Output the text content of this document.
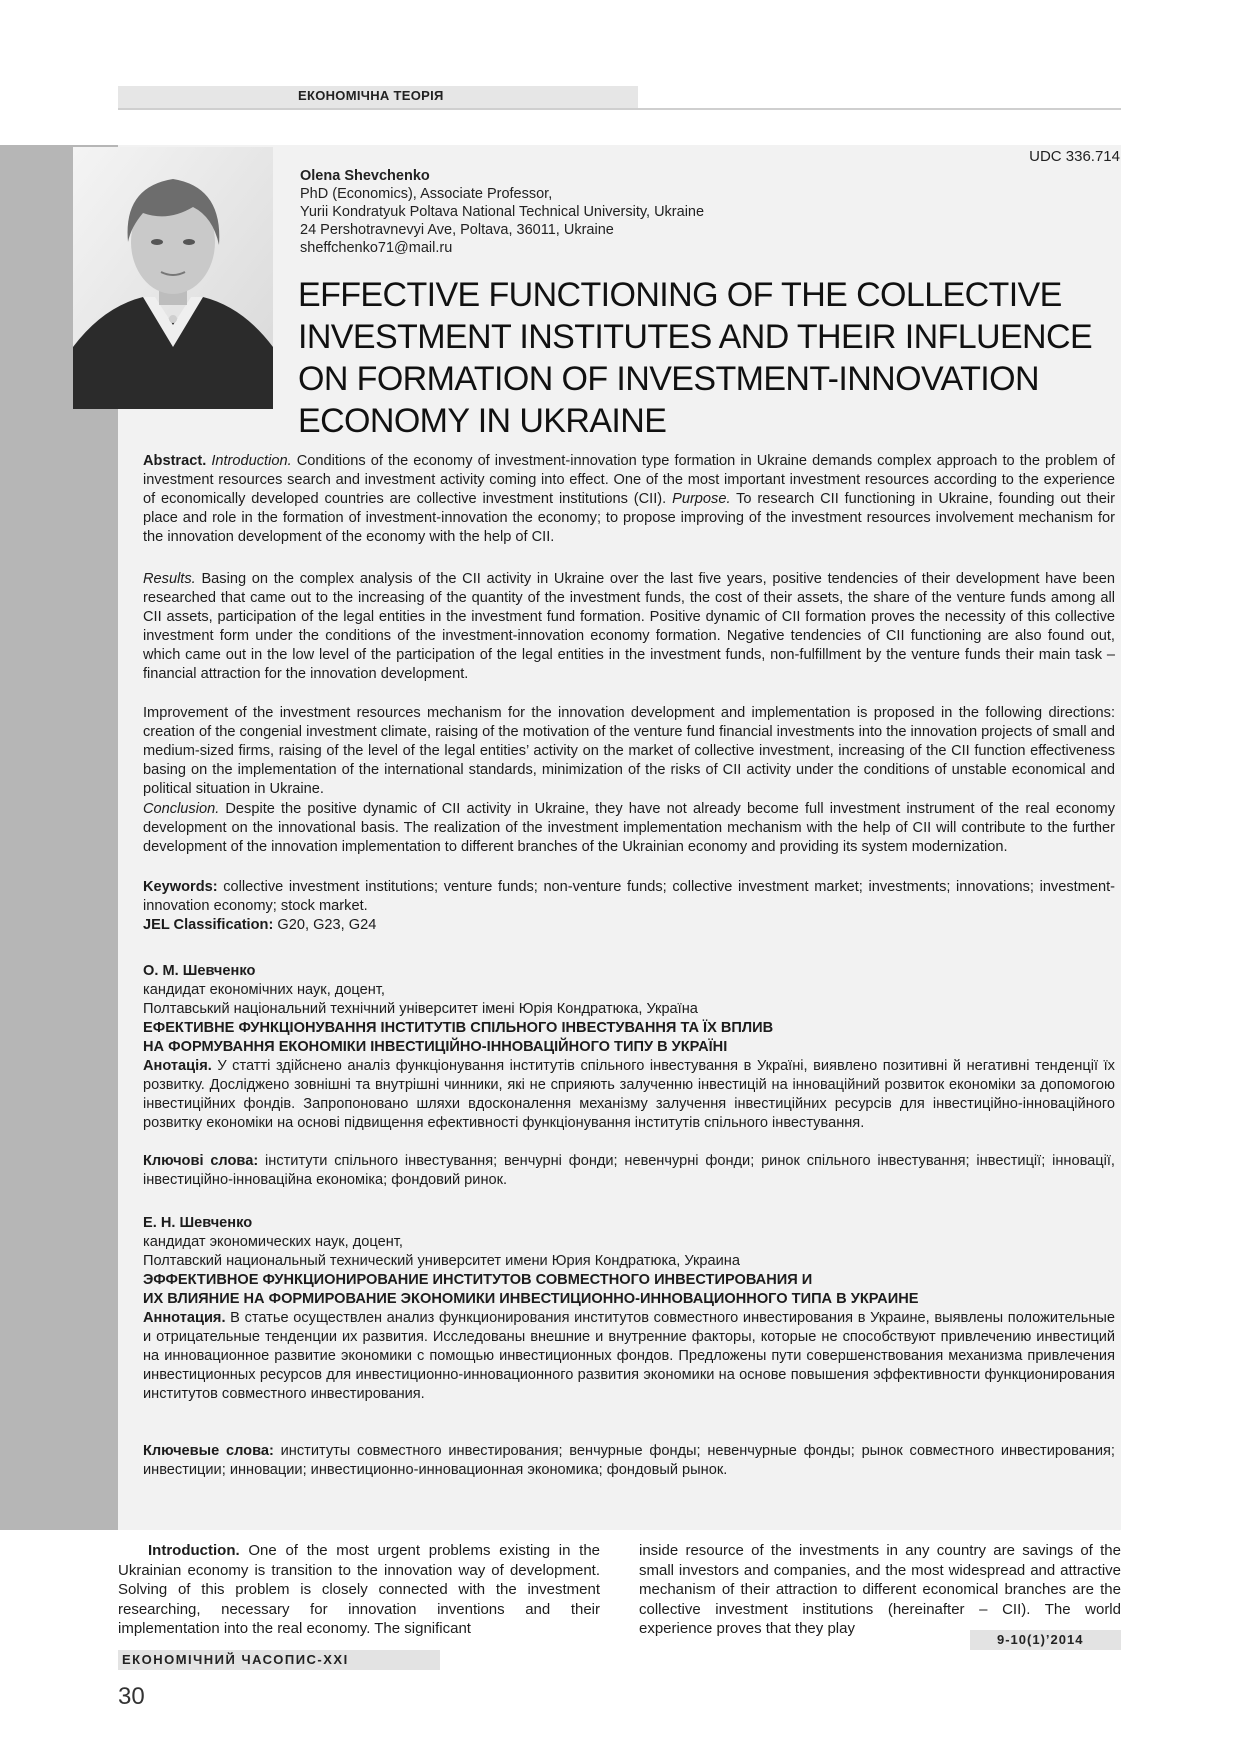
ЕКОНОМІЧНА ТЕОРІЯ
UDC 336.714
Olena Shevchenko
PhD (Economics), Associate Professor,
Yurii Kondratyuk Poltava National Technical University, Ukraine
24 Pershotravnevyi Ave, Poltava, 36011, Ukraine
sheffchenko71@mail.ru
EFFECTIVE FUNCTIONING OF THE COLLECTIVE
INVESTMENT INSTITUTES AND THEIR INFLUENCE
ON FORMATION OF INVESTMENT-INNOVATION
ECONOMY IN UKRAINE

Abstract. Introduction. Conditions of the economy of investment-innovation type formation in Ukraine demands complex approach to the problem of investment resources search and investment activity coming into effect. One of the most important investment resources according to the experience of economically developed countries are collective investment institutions (CII). Purpose. To research CII functioning in Ukraine, founding out their place and role in the formation of investment-innovation the economy; to propose improving of the investment resources involvement mechanism for the innovation development of the economy with the help of CII.

Results. Basing on the complex analysis of the CII activity in Ukraine over the last five years, positive tendencies of their development have been researched that came out to the increasing of the quantity of the investment funds, the cost of their assets, the share of the venture funds among all CII assets, participation of the legal entities in the investment fund formation. Positive dynamic of CII formation proves the necessity of this collective investment form under the conditions of the investment-innovation economy formation. Negative tendencies of CII functioning are also found out, which came out in the low level of the participation of the legal entities in the investment funds, non-fulfillment by the venture funds their main task – financial attraction for the innovation development.

Improvement of the investment resources mechanism for the innovation development and implementation is proposed in the following directions: creation of the congenial investment climate, raising of the motivation of the venture fund financial investments into the innovation projects of small and medium-sized firms, raising of the level of the legal entities’ activity on the market of collective investment, increasing of the CII function effectiveness basing on the implementation of the international standards, minimization of the risks of CII activity under the conditions of unstable economical and political situation in Ukraine.

Conclusion. Despite the positive dynamic of CII activity in Ukraine, they have not already become full investment instrument of the real economy development on the innovational basis. The realization of the investment implementation mechanism with the help of CII will contribute to the further development of the innovation implementation to different branches of the Ukrainian economy and providing its system modernization.

Keywords: collective investment institutions; venture funds; non-venture funds; collective investment market; investments; innovations; investment-innovation economy; stock market.

JEL Classification: G20, G23, G24

О. М. Шевченко
кандидат економічних наук, доцент,
Полтавський національний технічний університет імені Юрія Кондратюка, Україна
ЕФЕКТИВНЕ ФУНКЦІОНУВАННЯ ІНСТИТУТІВ СПІЛЬНОГО ІНВЕСТУВАННЯ ТА ЇХ ВПЛИВ
НА ФОРМУВАННЯ ЕКОНОМІКИ ІНВЕСТИЦІЙНО-ІННОВАЦІЙНОГО ТИПУ В УКРАЇНІ

Анотація. У статті здійснено аналіз функціонування інститутів спільного інвестування в Україні, виявлено позитивні й негативні тенденції їх розвитку. Досліджено зовнішні та внутрішні чинники, які не сприяють залученню інвестицій на інноваційний розвиток економіки за допомогою інвестиційних фондів. Запропоновано шляхи вдосконалення механізму залучення інвестиційних ресурсів для інвестиційно-інноваційного розвитку економіки на основі підвищення ефективності функціонування інститутів спільного інвестування.

Ключові слова: інститути спільного інвестування; венчурні фонди; невенчурні фонди; ринок спільного інвестування; інвестиції; інновації, інвестиційно-інноваційна економіка; фондовий ринок.

Е. Н. Шевченко
кандидат экономических наук, доцент,
Полтавский национальный технический университет имени Юрия Кондратюка, Украина
ЭФФЕКТИВНОЕ ФУНКЦИОНИРОВАНИЕ ИНСТИТУТОВ СОВМЕСТНОГО ИНВЕСТИРОВАНИЯ И
ИХ ВЛИЯНИЕ НА ФОРМИРОВАНИЕ ЭКОНОМИКИ ИНВЕСТИЦИОННО-ИННОВАЦИОННОГО ТИПА В УКРАИНЕ

Аннотация. В статье осуществлен анализ функционирования институтов совместного инвестирования в Украине, выявлены положительные и отрицательные тенденции их развития. Исследованы внешние и внутренние факторы, которые не способствуют привлечению инвестиций на инновационное развитие экономики с помощью инвестиционных фондов. Предложены пути совершенствования механизма привлечения инвестиционных ресурсов для инвестиционно-инновационного развития экономики на основе повышения эффективности функционирования институтов совместного инвестирования.

Ключевые слова: институты совместного инвестирования; венчурные фонды; невенчурные фонды; рынок совместного инвестирования; инвестиции; инновации; инвестиционно-инновационная экономика; фондовый рынок.

Introduction. One of the most urgent problems existing in the Ukrainian economy is transition to the innovation way of development. Solving of this problem is closely connected with the investment researching, necessary for innovation inventions and their implementation into the real economy. The significant

inside resource of the investments in any country are savings of the small investors and companies, and the most widespread and attractive mechanism of their attraction to different economical branches are the collective investment institutions (hereinafter – CII). The world experience proves that they play

ЕКОНОМІЧНИЙ ЧАСОПИС-XXI
9-10(1)’2014
30
